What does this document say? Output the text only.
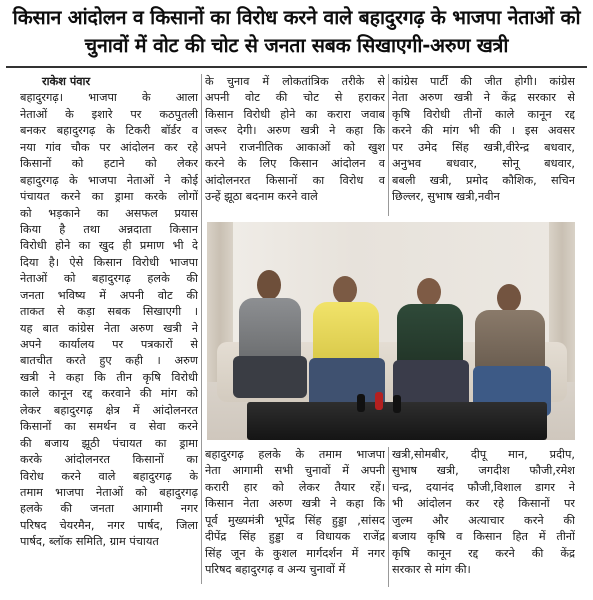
किसान आंदोलन व किसानों का विरोध करने वाले बहादुरगढ़ के भाजपा नेताओं को
चुनावों में वोट की चोट से जनता सबक सिखाएगी-अरुण खत्री
राकेश पंवार
बहादुरगढ़। भाजपा के आला
नेताओं के इशारे पर कठपुतली
बनकर बहादुरगढ़ के टिकरी बॉर्डर व
नया गांव चौक पर आंदोलन कर रहे
किसानों को हटाने को लेकर
बहादुरगढ़ के भाजपा नेताओं ने कोई
पंचायत करने का ड्रामा करके लोगों
को भड़काने का असफल प्रयास
किया है तथा अन्नदाता किसान
विरोधी होने का खुद ही प्रमाण भी दे
दिया है। ऐसे किसान विरोधी भाजपा
नेताओं को बहादुरगढ़ हलके की
जनता भविष्य में अपनी वोट की
ताकत से कड़ा सबक सिखाएगी ।
यह बात कांग्रेस नेता अरुण खत्री ने
अपने कार्यालय पर पत्रकारों से
बातचीत करते हुए कही । अरुण
खत्री ने कहा कि तीन कृषि विरोधी
काले कानून रद्द करवाने की मांग को
लेकर बहादुरगढ़ क्षेत्र में आंदोलनरत
किसानों का समर्थन व सेवा करने
की बजाय झूठी पंचायत का ड्रामा
करके आंदोलनरत किसानों का
विरोध करने वाले बहादुरगढ़ के
तमाम भाजपा नेताओं को बहादुरगढ़
हलके की जनता आगामी नगर
परिषद चेयरमैन, नगर पार्षद, जिला
पार्षद, ब्लॉक समिति, ग्राम पंचायत
के चुनाव में लोकतांत्रिक तरीके से
अपनी वोट की चोट से हराकर
किसान विरोधी होने का करारा जवाब
जरूर देगी। अरुण खत्री ने कहा कि
अपने राजनीतिक आकाओं को खुश
करने के लिए किसान आंदोलन व
आंदोलनरत किसानों का विरोध व
उन्हें झूठा बदनाम करने वाले
कांग्रेस पार्टी की जीत होगी। कांग्रेस
नेता अरुण खत्री ने केंद्र सरकार से
कृषि विरोधी तीनों काले कानून रद्द
करने की मांग भी की । इस अवसर
पर उमेद सिंह खत्री,वीरेन्द्र बधवार,
अनुभव बधवार, सोनू बधवार,
बबली खत्री, प्रमोद कौशिक, सचिन
छिल्लर, सुभाष खत्री,नवीन
बहादुरगढ़ हलके के तमाम भाजपा
नेता आगामी सभी चुनावों में अपनी
करारी हार को लेकर तैयार रहें।
किसान नेता अरुण खत्री ने कहा कि
पूर्व मुख्यमंत्री भूपेंद्र सिंह हुड्डा ,सांसद
दीपेंद्र सिंह हुड्डा व विधायक राजेंद्र
सिंह जून के कुशल मार्गदर्शन में नगर
परिषद बहादुरगढ़ व अन्य चुनावों में
खत्री,सोमबीर, दीपू मान, प्रदीप,
सुभाष खत्री, जगदीश फौजी,रमेश
चन्द्र, दयानंद फौजी,विशाल डागर ने
भी आंदोलन कर रहे किसानों पर
जुल्म और अत्याचार करने की
बजाय कृषि व किसान हित में तीनों
कृषि कानून रद्द करने की केंद्र
सरकार से मांग की।
